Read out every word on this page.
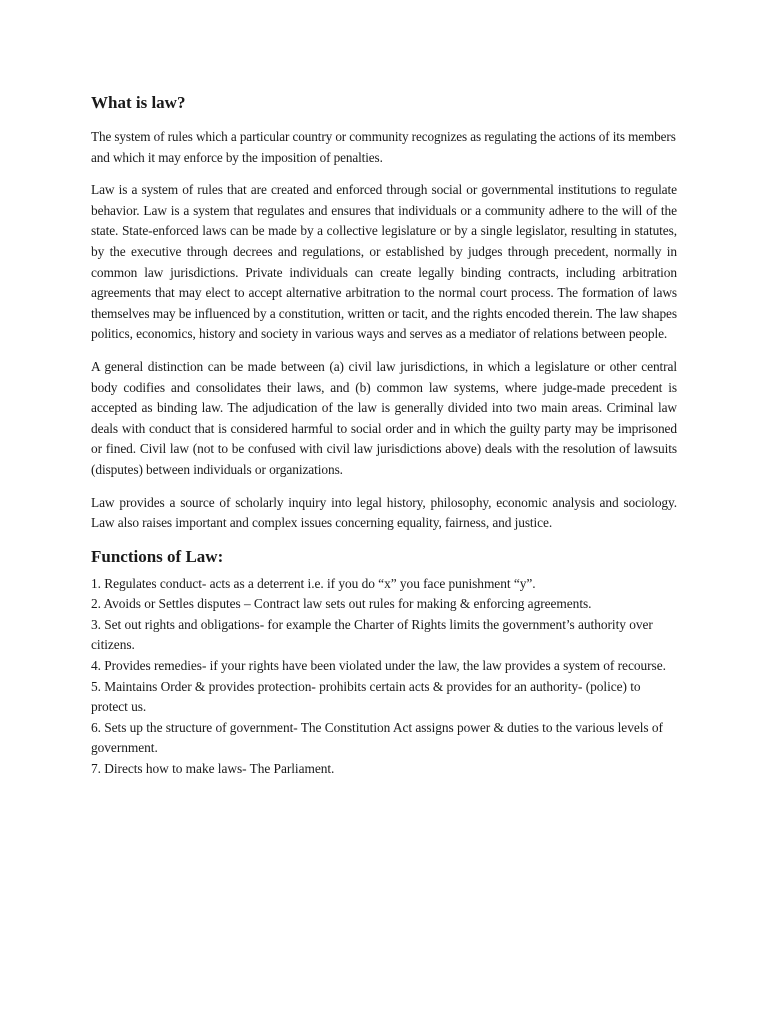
What is law?

The system of rules which a particular country or community recognizes as regulating the actions of its members and which it may enforce by the imposition of penalties.

Law is a system of rules that are created and enforced through social or governmental institutions to regulate behavior. Law is a system that regulates and ensures that individuals or a community adhere to the will of the state. State-enforced laws can be made by a collective legislature or by a single legislator, resulting in statutes, by the executive through decrees and regulations, or established by judges through precedent, normally in common law jurisdictions. Private individuals can create legally binding contracts, including arbitration agreements that may elect to accept alternative arbitration to the normal court process. The formation of laws themselves may be influenced by a constitution, written or tacit, and the rights encoded therein. The law shapes politics, economics, history and society in various ways and serves as a mediator of relations between people.

A general distinction can be made between (a) civil law jurisdictions, in which a legislature or other central body codifies and consolidates their laws, and (b) common law systems, where judge-made precedent is accepted as binding law. The adjudication of the law is generally divided into two main areas. Criminal law deals with conduct that is considered harmful to social order and in which the guilty party may be imprisoned or fined. Civil law (not to be confused with civil law jurisdictions above) deals with the resolution of lawsuits (disputes) between individuals or organizations.

Law provides a source of scholarly inquiry into legal history, philosophy, economic analysis and sociology. Law also raises important and complex issues concerning equality, fairness, and justice.

Functions of Law:
1. Regulates conduct- acts as a deterrent i.e. if you do “x” you face punishment “y”.
2. Avoids or Settles disputes – Contract law sets out rules for making & enforcing agreements.
3. Set out rights and obligations- for example the Charter of Rights limits the government’s authority over citizens.
4. Provides remedies- if your rights have been violated under the law, the law provides a system of recourse.
5. Maintains Order & provides protection- prohibits certain acts & provides for an authority- (police) to protect us.
6. Sets up the structure of government- The Constitution Act assigns power & duties to the various levels of government.
7. Directs how to make laws- The Parliament.
